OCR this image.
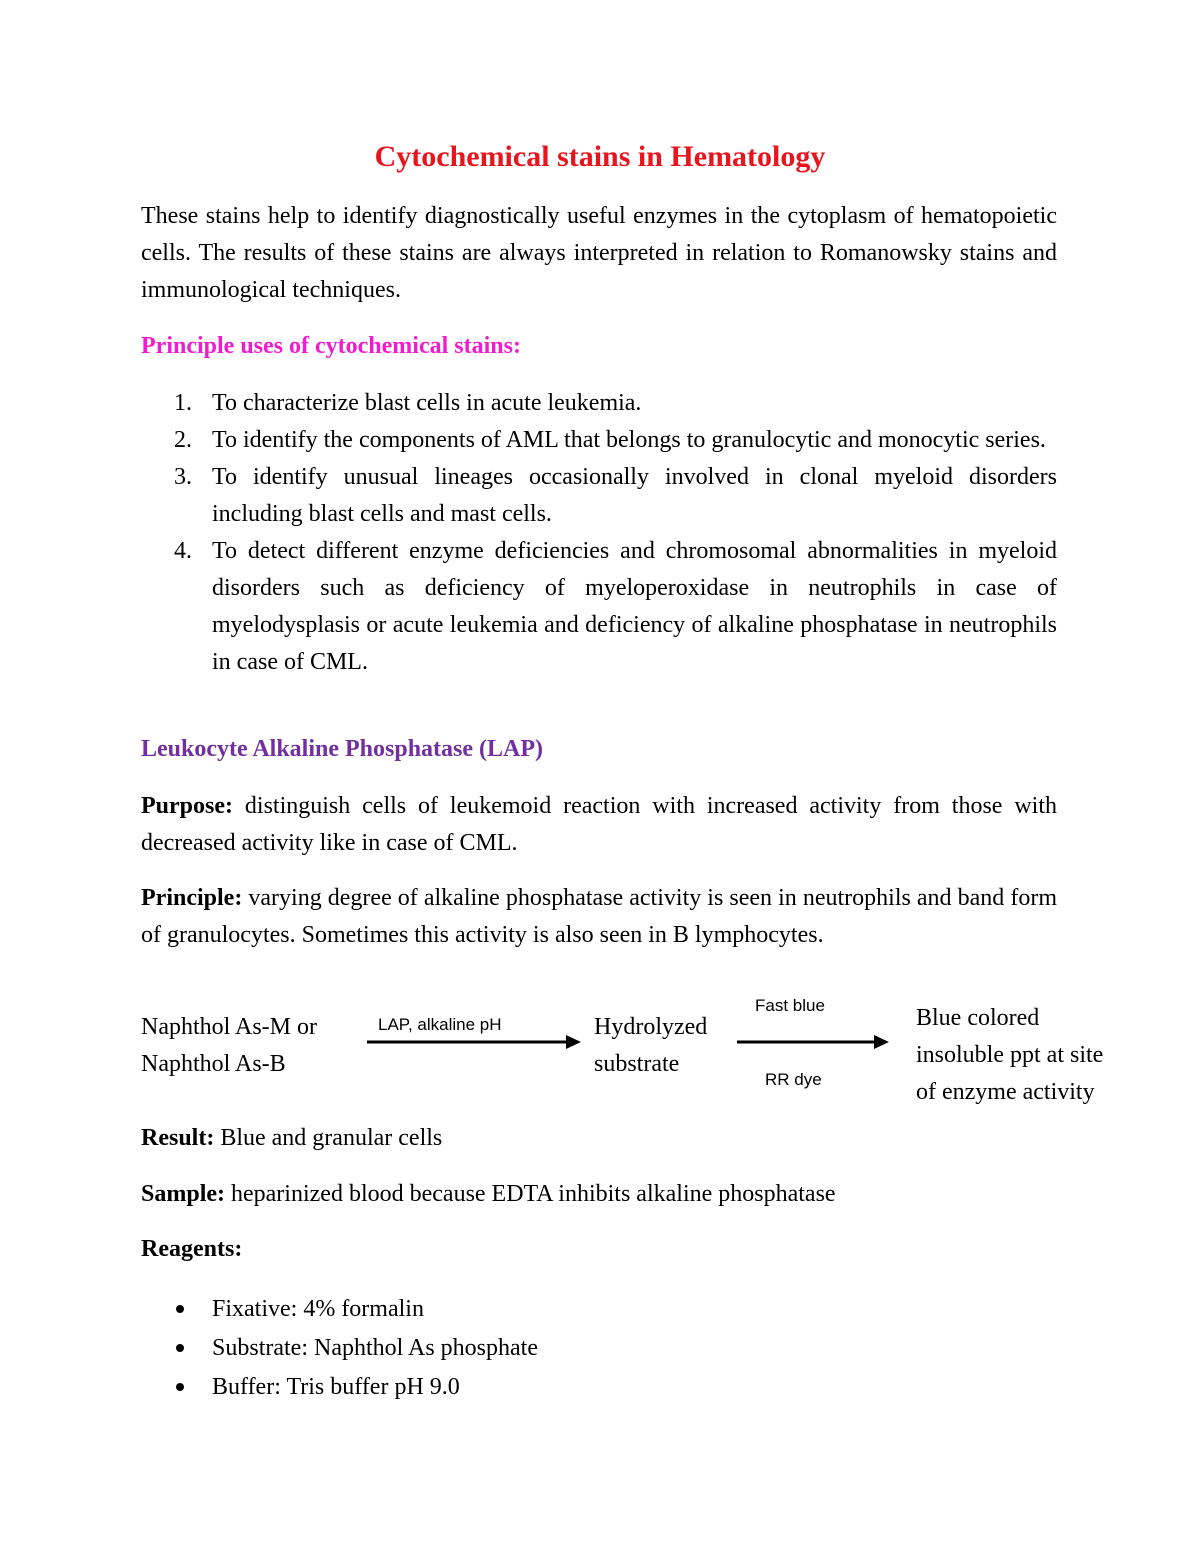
Cytochemical stains in Hematology

These stains help to identify diagnostically useful enzymes in the cytoplasm of hematopoietic cells. The results of these stains are always interpreted in relation to Romanowsky stains and immunological techniques.

Principle uses of cytochemical stains:
1. To characterize blast cells in acute leukemia.
2. To identify the components of AML that belongs to granulocytic and monocytic series.
3. To identify unusual lineages occasionally involved in clonal myeloid disorders including blast cells and mast cells.
4. To detect different enzyme deficiencies and chromosomal abnormalities in myeloid disorders such as deficiency of myeloperoxidase in neutrophils in case of myelodysplasis or acute leukemia and deficiency of alkaline phosphatase in neutrophils in case of CML.
Leukocyte Alkaline Phosphatase (LAP)

Purpose: distinguish cells of leukemoid reaction with increased activity from those with decreased activity like in case of CML.

Principle: varying degree of alkaline phosphatase activity is seen in neutrophils and band form of granulocytes. Sometimes this activity is also seen in B lymphocytes.

Naphthol As-M or
Naphthol As-B
LAP, alkaline pH	Hydrolyzed
substrate
Fast blue
RR dye
Blue colored
insoluble ppt at site
of enzyme activity

Result: Blue and granular cells

Sample: heparinized blood because EDTA inhibits alkaline phosphatase

Reagents:
Fixative: 4% formalin
Substrate: Naphthol As phosphate
Buffer: Tris buffer pH 9.0
